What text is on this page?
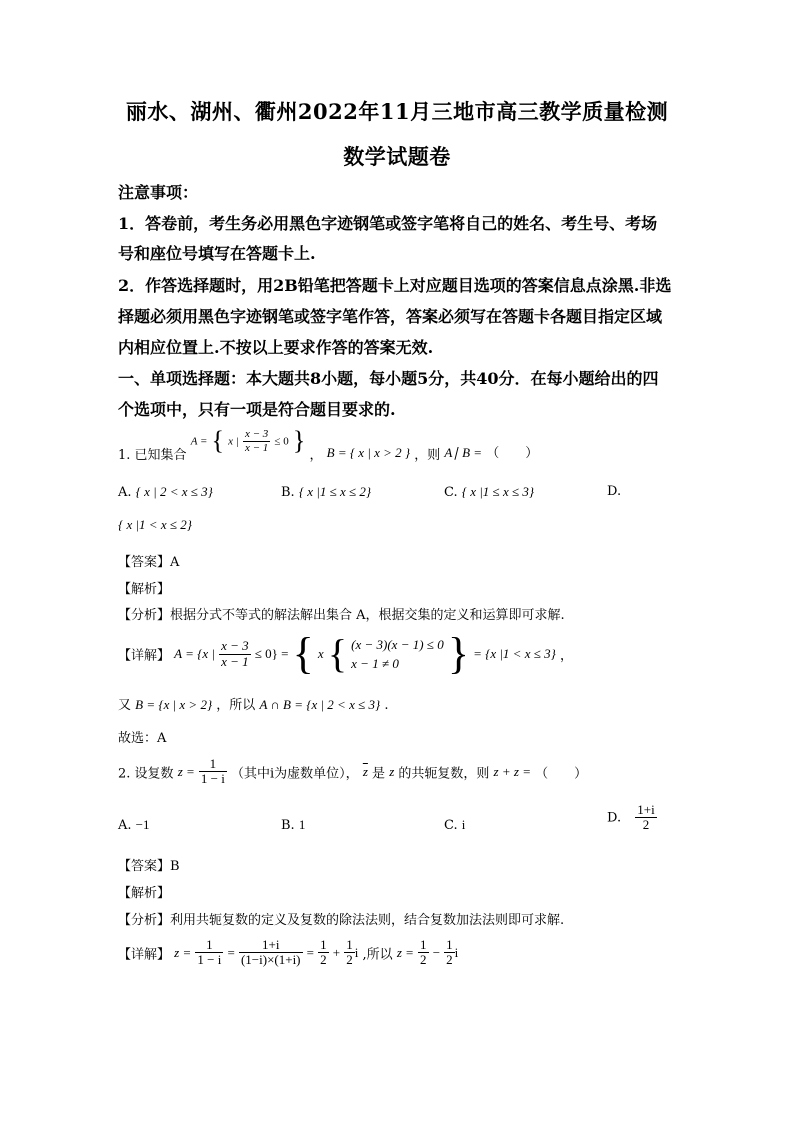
丽水、湖州、衢州2022年11月三地市高三教学质量检测
数学试题卷
注意事项：
1．答卷前，考生务必用黑色字迹钢笔或签字笔将自己的姓名、考生号、考场
号和座位号填写在答题卡上.
2．作答选择题时，用2B铅笔把答题卡上对应题目选项的答案信息点涂黑.非选
择题必须用黑色字迹钢笔或签字笔作答，答案必须写在答题卡各题目指定区域
内相应位置上.不按以上要求作答的答案无效.
一、单项选择题：本大题共8小题，每小题5分，共40分．在每小题给出的四
个选项中，只有一项是符合题目要求的.
1. 已知集合 A = { x | $\frac{x - 3}{x - 1} \le 0$ } ， B = { x | x > 2 } ，则 A∣ B = （　　）
A. { x | 2 < x ≤ 3}	B. { x |1 ≤ x ≤ 2}	C. { x |1 ≤ x ≤ 3}	D.
{ x |1 < x ≤ 2}
【答案】A
【解析】
【分析】根据分式不等式的解法解出集合 A，根据交集的定义和运算即可求解.
【详解】 A = {x | $\frac{x - 3}{x - 1} \le 0$} = { x { (x − 3)(x − 1) ≤ 0
x − 1 ≠ 0	} = {x |1 < x ≤ 3} ，
又 B = {x | x > 2} ，所以 A ∩ B = {x | 2 < x ≤ 3} .
故选：A
2. 设复数 $z = \frac{1}{1 - i}$ （其中i为虚数单位）， $\overline{z}$ 是 z 的共轭复数，则 z + z = （　　）
A. −1	B. 1	C. i	D. $\frac{1+i}{2}$
【答案】B
【解析】
【分析】利用共轭复数的定义及复数的除法法则，结合复数加法法则即可求解.
【详解】 $z = \frac{1}{1 - i} = \frac{1+i}{(1-i)\times(1+i)} = \frac{1}{2} + \frac{1}{2}$ i ,所以 $z = \frac{1}{2} - \frac{1}{2}$ i
